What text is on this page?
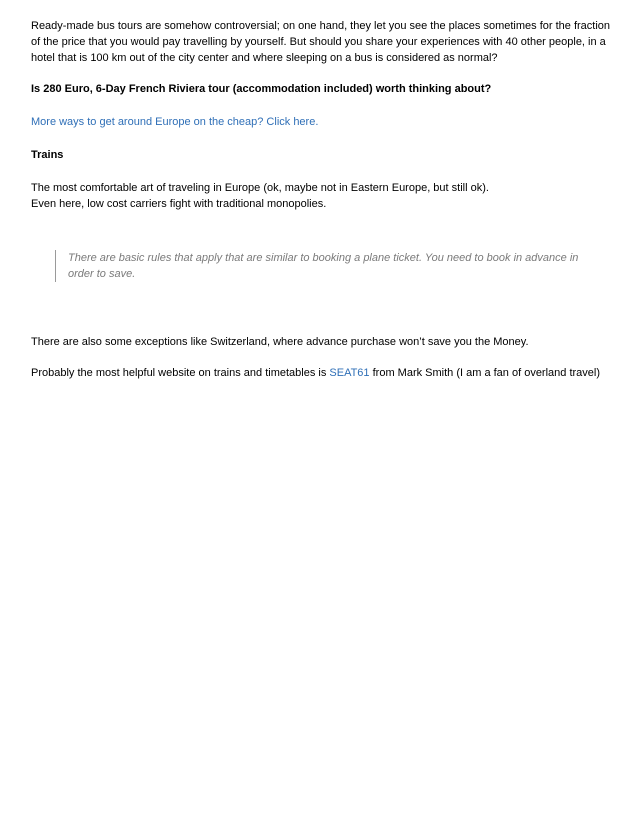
Ready-made bus tours are somehow controversial; on one hand, they let you see the places sometimes for the fraction of the price that you would pay travelling by yourself. But should you share your experiences with 40 other people, in a hotel that is 100 km out of the city center and where sleeping on a bus is considered as normal?

Is 280 Euro, 6-Day French Riviera tour (accommodation included) worth thinking about?

More ways to get around Europe on the cheap? Click here.

Trains

The most comfortable art of traveling in Europe (ok, maybe not in Eastern Europe, but still ok).
Even here, low cost carriers fight with traditional monopolies.

There are basic rules that apply that are similar to booking a plane ticket. You need to book in advance in order to save.

There are also some exceptions like Switzerland, where advance purchase won’t save you the Money.

Probably the most helpful website on trains and timetables is SEAT61 from Mark Smith (I am a fan of overland travel)
